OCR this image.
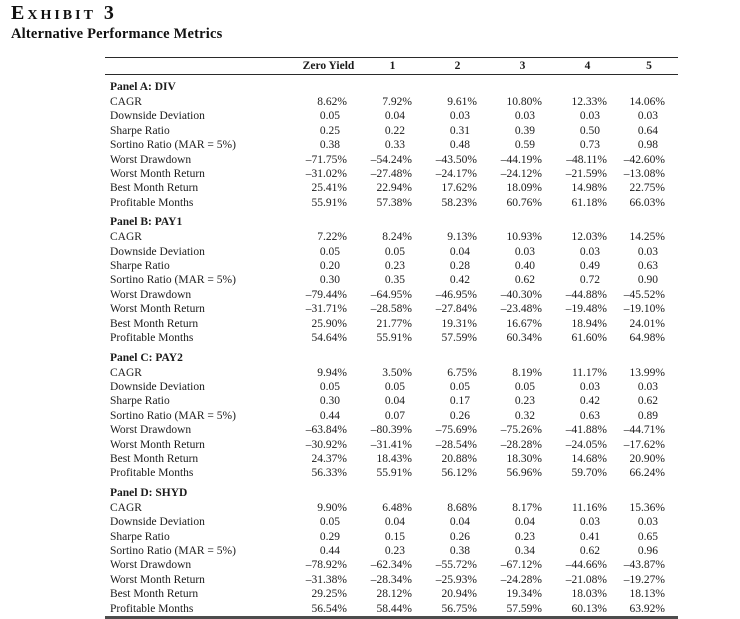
Exhibit 3
Alternative Performance Metrics
	Zero Yield	1	2	3	4	5
Panel A: DIV						
CAGR	8.62%	7.92%	9.61%	10.80%	12.33%	14.06%
Downside Deviation	0.05	0.04	0.03	0.03	0.03	0.03
Sharpe Ratio	0.25	0.22	0.31	0.39	0.50	0.64
Sortino Ratio (MAR = 5%)	0.38	0.33	0.48	0.59	0.73	0.98
Worst Drawdown	–71.75%	–54.24%	–43.50%	–44.19%	–48.11%	–42.60%
Worst Month Return	–31.02%	–27.48%	–24.17%	–24.12%	–21.59%	–13.08%
Best Month Return	25.41%	22.94%	17.62%	18.09%	14.98%	22.75%
Profitable Months	55.91%	57.38%	58.23%	60.76%	61.18%	66.03%
Panel B: PAY1						
CAGR	7.22%	8.24%	9.13%	10.93%	12.03%	14.25%
Downside Deviation	0.05	0.05	0.04	0.03	0.03	0.03
Sharpe Ratio	0.20	0.23	0.28	0.40	0.49	0.63
Sortino Ratio (MAR = 5%)	0.30	0.35	0.42	0.62	0.72	0.90
Worst Drawdown	–79.44%	–64.95%	–46.95%	–40.30%	–44.88%	–45.52%
Worst Month Return	–31.71%	–28.58%	–27.84%	–23.48%	–19.48%	–19.10%
Best Month Return	25.90%	21.77%	19.31%	16.67%	18.94%	24.01%
Profitable Months	54.64%	55.91%	57.59%	60.34%	61.60%	64.98%
Panel C: PAY2						
CAGR	9.94%	3.50%	6.75%	8.19%	11.17%	13.99%
Downside Deviation	0.05	0.05	0.05	0.05	0.03	0.03
Sharpe Ratio	0.30	0.04	0.17	0.23	0.42	0.62
Sortino Ratio (MAR = 5%)	0.44	0.07	0.26	0.32	0.63	0.89
Worst Drawdown	–63.84%	–80.39%	–75.69%	–75.26%	–41.88%	–44.71%
Worst Month Return	–30.92%	–31.41%	–28.54%	–28.28%	–24.05%	–17.62%
Best Month Return	24.37%	18.43%	20.88%	18.30%	14.68%	20.90%
Profitable Months	56.33%	55.91%	56.12%	56.96%	59.70%	66.24%
Panel D: SHYD						
CAGR	9.90%	6.48%	8.68%	8.17%	11.16%	15.36%
Downside Deviation	0.05	0.04	0.04	0.04	0.03	0.03
Sharpe Ratio	0.29	0.15	0.26	0.23	0.41	0.65
Sortino Ratio (MAR = 5%)	0.44	0.23	0.38	0.34	0.62	0.96
Worst Drawdown	–78.92%	–62.34%	–55.72%	–67.12%	–44.66%	–43.87%
Worst Month Return	–31.38%	–28.34%	–25.93%	–24.28%	–21.08%	–19.27%
Best Month Return	29.25%	28.12%	20.94%	19.34%	18.03%	18.13%
Profitable Months	56.54%	58.44%	56.75%	57.59%	60.13%	63.92%
